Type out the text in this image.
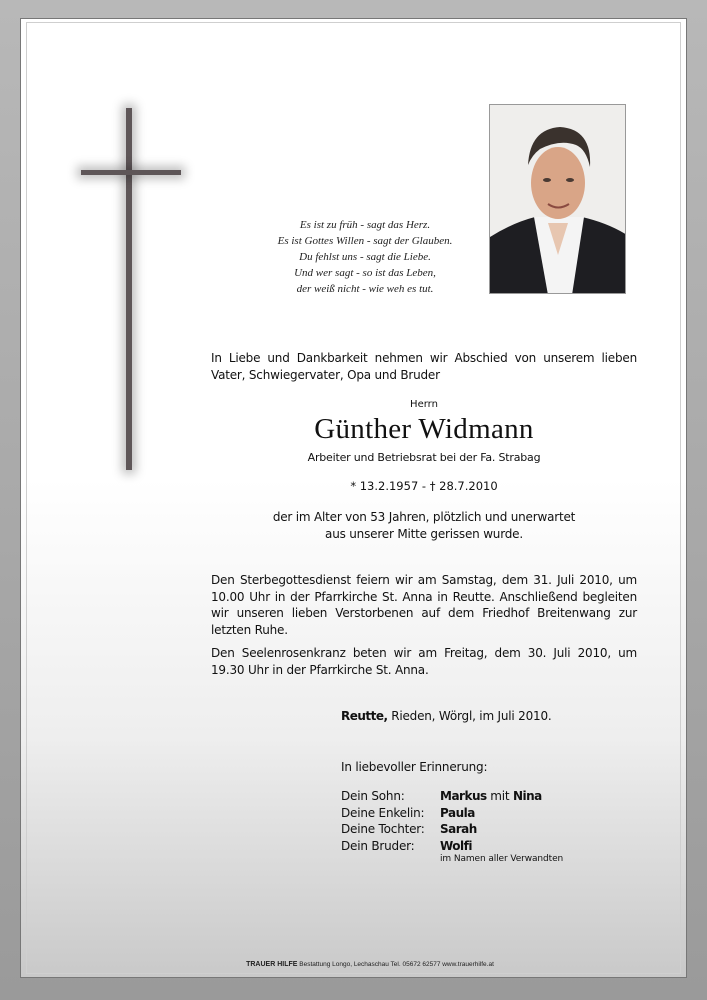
Es ist zu früh - sagt das Herz.
Es ist Gottes Willen - sagt der Glauben.
Du fehlst uns - sagt die Liebe.
Und wer sagt - so ist das Leben,
der weiß nicht - wie weh es tut.
In Liebe und Dankbarkeit nehmen wir Abschied von unserem lieben Vater, Schwiegervater, Opa und Bruder
Herrn
Günther Widmann
Arbeiter und Betriebsrat bei der Fa. Strabag
* 13.2.1957 - † 28.7.2010
der im Alter von 53 Jahren, plötzlich und unerwartet
aus unserer Mitte gerissen wurde.
Den Sterbegottesdienst feiern wir am Samstag, dem 31. Juli 2010, um 10.00 Uhr in der Pfarrkirche St. Anna in Reutte. Anschließend begleiten wir unseren lieben Verstorbenen auf dem Friedhof Breitenwang zur letzten Ruhe.
Den Seelenrosenkranz beten wir am Freitag, dem 30. Juli 2010, um 19.30 Uhr in der Pfarrkirche St. Anna.
Reutte, Rieden, Wörgl, im Juli 2010.
In liebevoller Erinnerung:
Dein Sohn:	Markus mit Nina
Deine Enkelin: Paula
Deine Tochter: Sarah
Dein Bruder: Wolfi
im Namen aller Verwandten
TRAUER HILFE Bestattung Longo, Lechaschau Tel. 05672 62577 www.trauerhilfe.at
